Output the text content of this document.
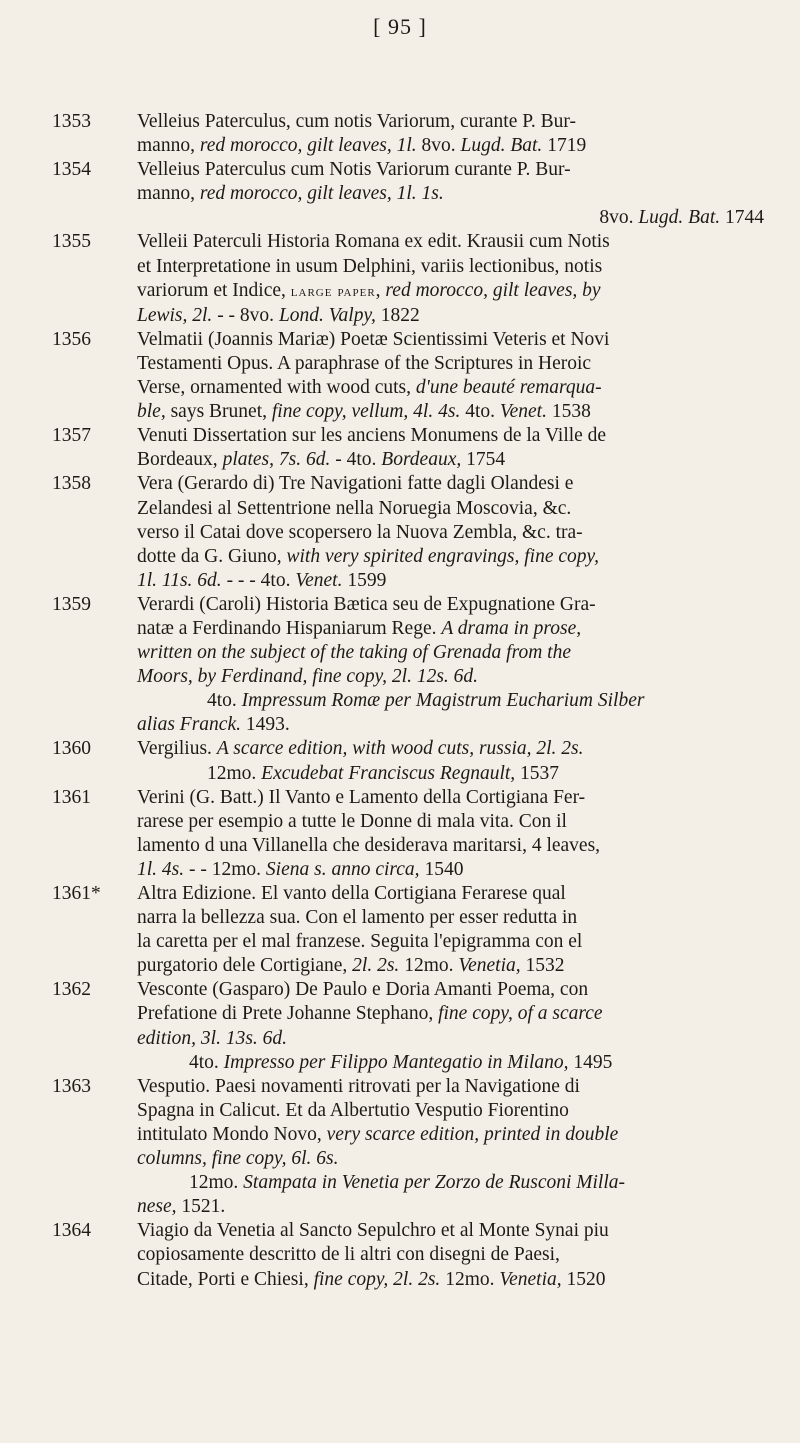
[ 95 ]

1353	Velleius Paterculus, cum notis Variorum, curante P. Bur-
manno, red morocco, gilt leaves, 1l. 8vo. Lugd. Bat. 1719

1354	Velleius Paterculus cum Notis Variorum curante P. Bur-
manno, red morocco, gilt leaves, 1l. 1s.

8vo. Lugd. Bat. 1744

1355	Velleii Paterculi Historia Romana ex edit. Krausii cum Notis
et Interpretatione in usum Delphini, variis lectionibus, notis
variorum et Indice, large paper, red morocco, gilt leaves, by
Lewis, 2l. - - 8vo. Lond. Valpy, 1822

1356	Velmatii (Joannis Mariæ) Poetæ Scientissimi Veteris et Novi
Testamenti Opus. A paraphrase of the Scriptures in Heroic
Verse, ornamented with wood cuts, d'une beauté remarqua-
ble, says Brunet, fine copy, vellum, 4l. 4s. 4to. Venet. 1538

1357	Venuti Dissertation sur les anciens Monumens de la Ville de
Bordeaux, plates, 7s. 6d. - 4to. Bordeaux, 1754

1358	Vera (Gerardo di) Tre Navigationi fatte dagli Olandesi e
Zelandesi al Settentrione nella Noruegia Moscovia, &c.
verso il Catai dove scopersero la Nuova Zembla, &c. tra-
dotte da G. Giuno, with very spirited engravings, fine copy,
1l. 11s. 6d. - - - 4to. Venet. 1599

1359	Verardi (Caroli) Historia Bætica seu de Expugnatione Gra-
natæ a Ferdinando Hispaniarum Rege. A drama in prose,
written on the subject of the taking of Grenada from the
Moors, by Ferdinand, fine copy, 2l. 12s. 6d.

4to. Impressum Romæ per Magistrum Eucharium Silber
alias Franck. 1493.

1360	Vergilius. A scarce edition, with wood cuts, russia, 2l. 2s.

12mo. Excudebat Franciscus Regnault, 1537

1361	Verini (G. Batt.) Il Vanto e Lamento della Cortigiana Fer-
rarese per esempio a tutte le Donne di mala vita. Con il
lamento d una Villanella che desiderava maritarsi, 4 leaves,
1l. 4s. - - 12mo. Siena s. anno circa, 1540

1361*	Altra Edizione. El vanto della Cortigiana Ferarese qual
narra la bellezza sua. Con el lamento per esser redutta in
la caretta per el mal franzese. Seguita l'epigramma con el
purgatorio dele Cortigiane, 2l. 2s. 12mo. Venetia, 1532

1362	Vesconte (Gasparo) De Paulo e Doria Amanti Poema, con
Prefatione di Prete Johanne Stephano, fine copy, of a scarce
edition, 3l. 13s. 6d.

4to. Impresso per Filippo Mantegatio in Milano, 1495

1363	Vesputio. Paesi novamenti ritrovati per la Navigatione di
Spagna in Calicut. Et da Albertutio Vesputio Fiorentino
intitulato Mondo Novo, very scarce edition, printed in double
columns, fine copy, 6l. 6s.

12mo. Stampata in Venetia per Zorzo de Rusconi Milla-
nese, 1521.

1364	Viagio da Venetia al Sancto Sepulchro et al Monte Synai piu
copiosamente descritto de li altri con disegni de Paesi,
Citade, Porti e Chiesi, fine copy, 2l. 2s. 12mo. Venetia, 1520
